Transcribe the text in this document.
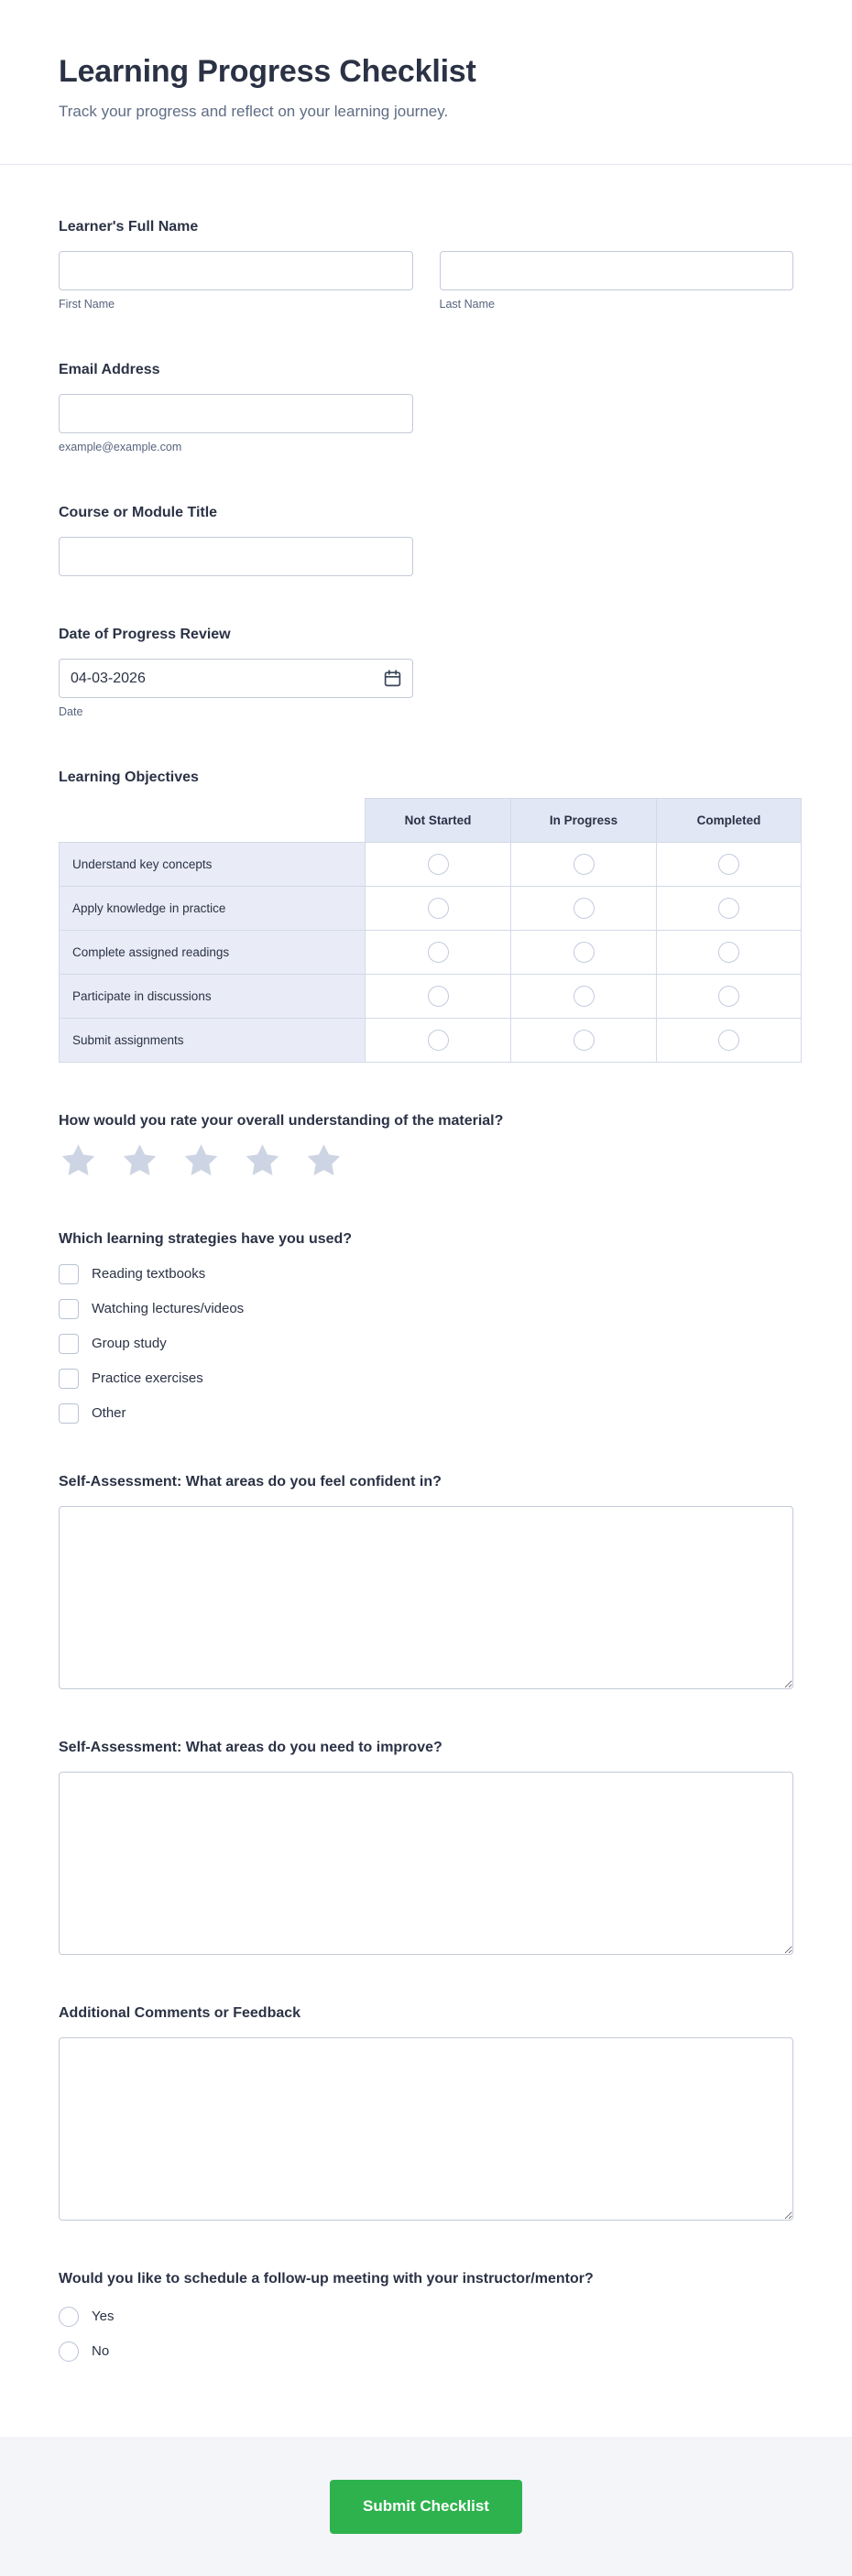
Learning Progress Checklist

Track your progress and reflect on your learning journey.

Learner's Full Name
First Name	Last Name
Email Address
example@example.com
Course or Module Title
Date of Progress Review
04-03-2026
Date
Learning Objectives
	Not Started	In Progress	Completed
Understand key concepts			
Apply knowledge in practice			
Complete assigned readings			
Participate in discussions			
Submit assignments			
How would you rate your overall understanding of the material?
Which learning strategies have you used?
Reading textbooks
Watching lectures/videos
Group study
Practice exercises
Other
Self-Assessment: What areas do you feel confident in?
Self-Assessment: What areas do you need to improve?
Additional Comments or Feedback
Would you like to schedule a follow-up meeting with your instructor/mentor?
Yes
No
Submit Checklist
